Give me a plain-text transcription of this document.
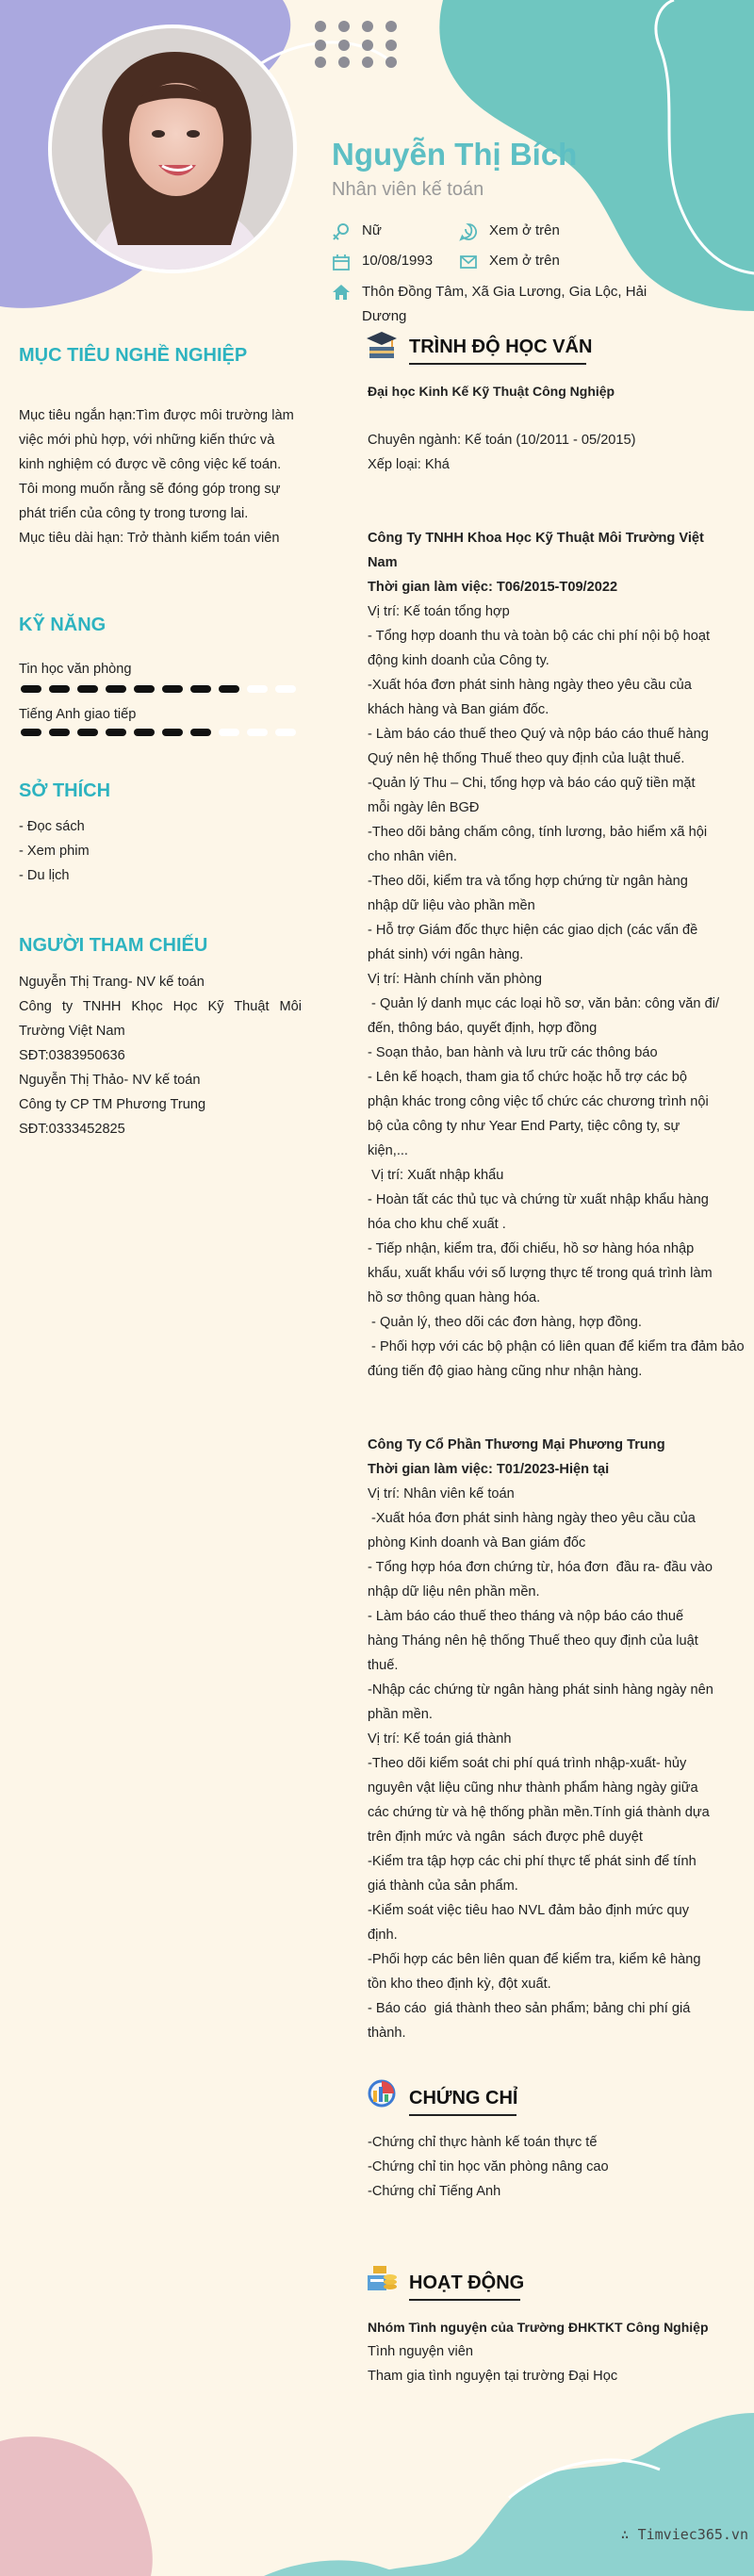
Nguyễn Thị Bích
Nhân viên kế toán
Nữ	Xem ở trên
10/08/1993	Xem ở trên
Thôn Đồng Tâm, Xã Gia Lương, Gia Lộc, Hải
Dương
MỤC TIÊU NGHỀ NGHIỆP
Mục tiêu ngắn hạn:Tìm được môi trường làm
việc mới phù hợp, với những kiến thức và
kinh nghiệm có được về công việc kế toán.
Tôi mong muốn rằng sẽ đóng góp trong sự
phát triển của công ty trong tương lai.
Mục tiêu dài hạn: Trở thành kiểm toán viên
KỸ NĂNG
Tin học văn phòng
Tiếng Anh giao tiếp
SỞ THÍCH
- Đọc sách
- Xem phim
- Du lịch
NGƯỜI THAM CHIẾU
Nguyễn Thị Trang- NV kế toán
Công ty TNHH Khọc Học Kỹ Thuật Môi
Trường Việt Nam
SĐT:0383950636
Nguyễn Thị Thảo- NV kế toán
Công ty CP TM Phương Trung
SĐT:0333452825
TRÌNH ĐỘ HỌC VẤN
Đại học Kinh Kế Kỹ Thuật Công Nghiệp
Chuyên ngành: Kế toán (10/2011 - 05/2015)
Xếp loại: Khá
Công Ty TNHH Khoa Học Kỹ Thuật Môi Trường Việt
Nam
Thời gian làm việc: T06/2015-T09/2022
Vị trí: Kế toán tổng hợp
- Tổng hợp doanh thu và toàn bộ các chi phí nội bộ hoạt
động kinh doanh của Công ty.
-Xuất hóa đơn phát sinh hàng ngày theo yêu cầu của
khách hàng và Ban giám đốc.
- Làm báo cáo thuế theo Quý và nộp báo cáo thuế hàng
Quý nên hệ thống Thuế theo quy định của luật thuế.
-Quản lý Thu – Chi, tổng hợp và báo cáo quỹ tiền mặt
mỗi ngày lên BGĐ
-Theo dõi bảng chấm công, tính lương, bảo hiểm xã hội
cho nhân viên.
-Theo dõi, kiểm tra và tổng hợp chứng từ ngân hàng
nhập dữ liệu vào phần mền
- Hỗ trợ Giám đốc thực hiện các giao dịch (các vấn đề
phát sinh) với ngân hàng.
Vị trí: Hành chính văn phòng
- Quản lý danh mục các loại hồ sơ, văn bản: công văn đi/
đến, thông báo, quyết định, hợp đồng
- Soạn thảo, ban hành và lưu trữ các thông báo
- Lên kế hoạch, tham gia tổ chức hoặc hỗ trợ các bộ
phận khác trong công việc tổ chức các chương trình nội
bộ của công ty như Year End Party, tiệc công ty, sự
kiện,...
Vị trí: Xuất nhập khẩu
- Hoàn tất các thủ tục và chứng từ xuất nhập khẩu hàng
hóa cho khu chế xuất .
- Tiếp nhận, kiểm tra, đối chiếu, hồ sơ hàng hóa nhập
khẩu, xuất khẩu với số lượng thực tế trong quá trình làm
hồ sơ thông quan hàng hóa.
- Quản lý, theo dõi các đơn hàng, hợp đồng.
- Phối hợp với các bộ phận có liên quan để kiểm tra đảm bảo
đúng tiến độ giao hàng cũng như nhận hàng.
Công Ty Cổ Phần Thương Mại Phương Trung
Thời gian làm việc: T01/2023-Hiện tại
Vị trí: Nhân viên kế toán
-Xuất hóa đơn phát sinh hàng ngày theo yêu cầu của
phòng Kinh doanh và Ban giám đốc
- Tổng hợp hóa đơn chứng từ, hóa đơn  đầu ra- đầu vào
nhập dữ liệu nên phần mền.
- Làm báo cáo thuế theo tháng và nộp báo cáo thuế
hàng Tháng nên hệ thống Thuế theo quy định của luật
thuế.
-Nhập các chứng từ ngân hàng phát sinh hàng ngày nên
phần mền.
Vị trí: Kế toán giá thành
-Theo dõi kiểm soát chi phí quá trình nhập-xuất- hủy
nguyên vật liệu cũng như thành phẩm hàng ngày giữa
các chứng từ và hệ thống phần mền.Tính giá thành dựa
trên định mức và ngân  sách được phê duyệt
-Kiểm tra tập hợp các chi phí thực tế phát sinh để tính
giá thành của sản phẩm.
-Kiểm soát việc tiêu hao NVL đảm bảo định mức quy
định.
-Phối hợp các bên liên quan để kiểm tra, kiểm kê hàng
tồn kho theo định kỳ, đột xuất.
- Báo cáo  giá thành theo sản phẩm; bảng chi phí giá
thành.
CHỨNG CHỈ
-Chứng chỉ thực hành kế toán thực tế
-Chứng chỉ tin học văn phòng nâng cao
-Chứng chỉ Tiếng Anh
HOẠT ĐỘNG
Nhóm Tình nguyện của Trường ĐHKTKT Công Nghiệp
Tình nguyện viên
Tham gia tình nguyện tại trường Đại Học
∴ Timviec365.vn
